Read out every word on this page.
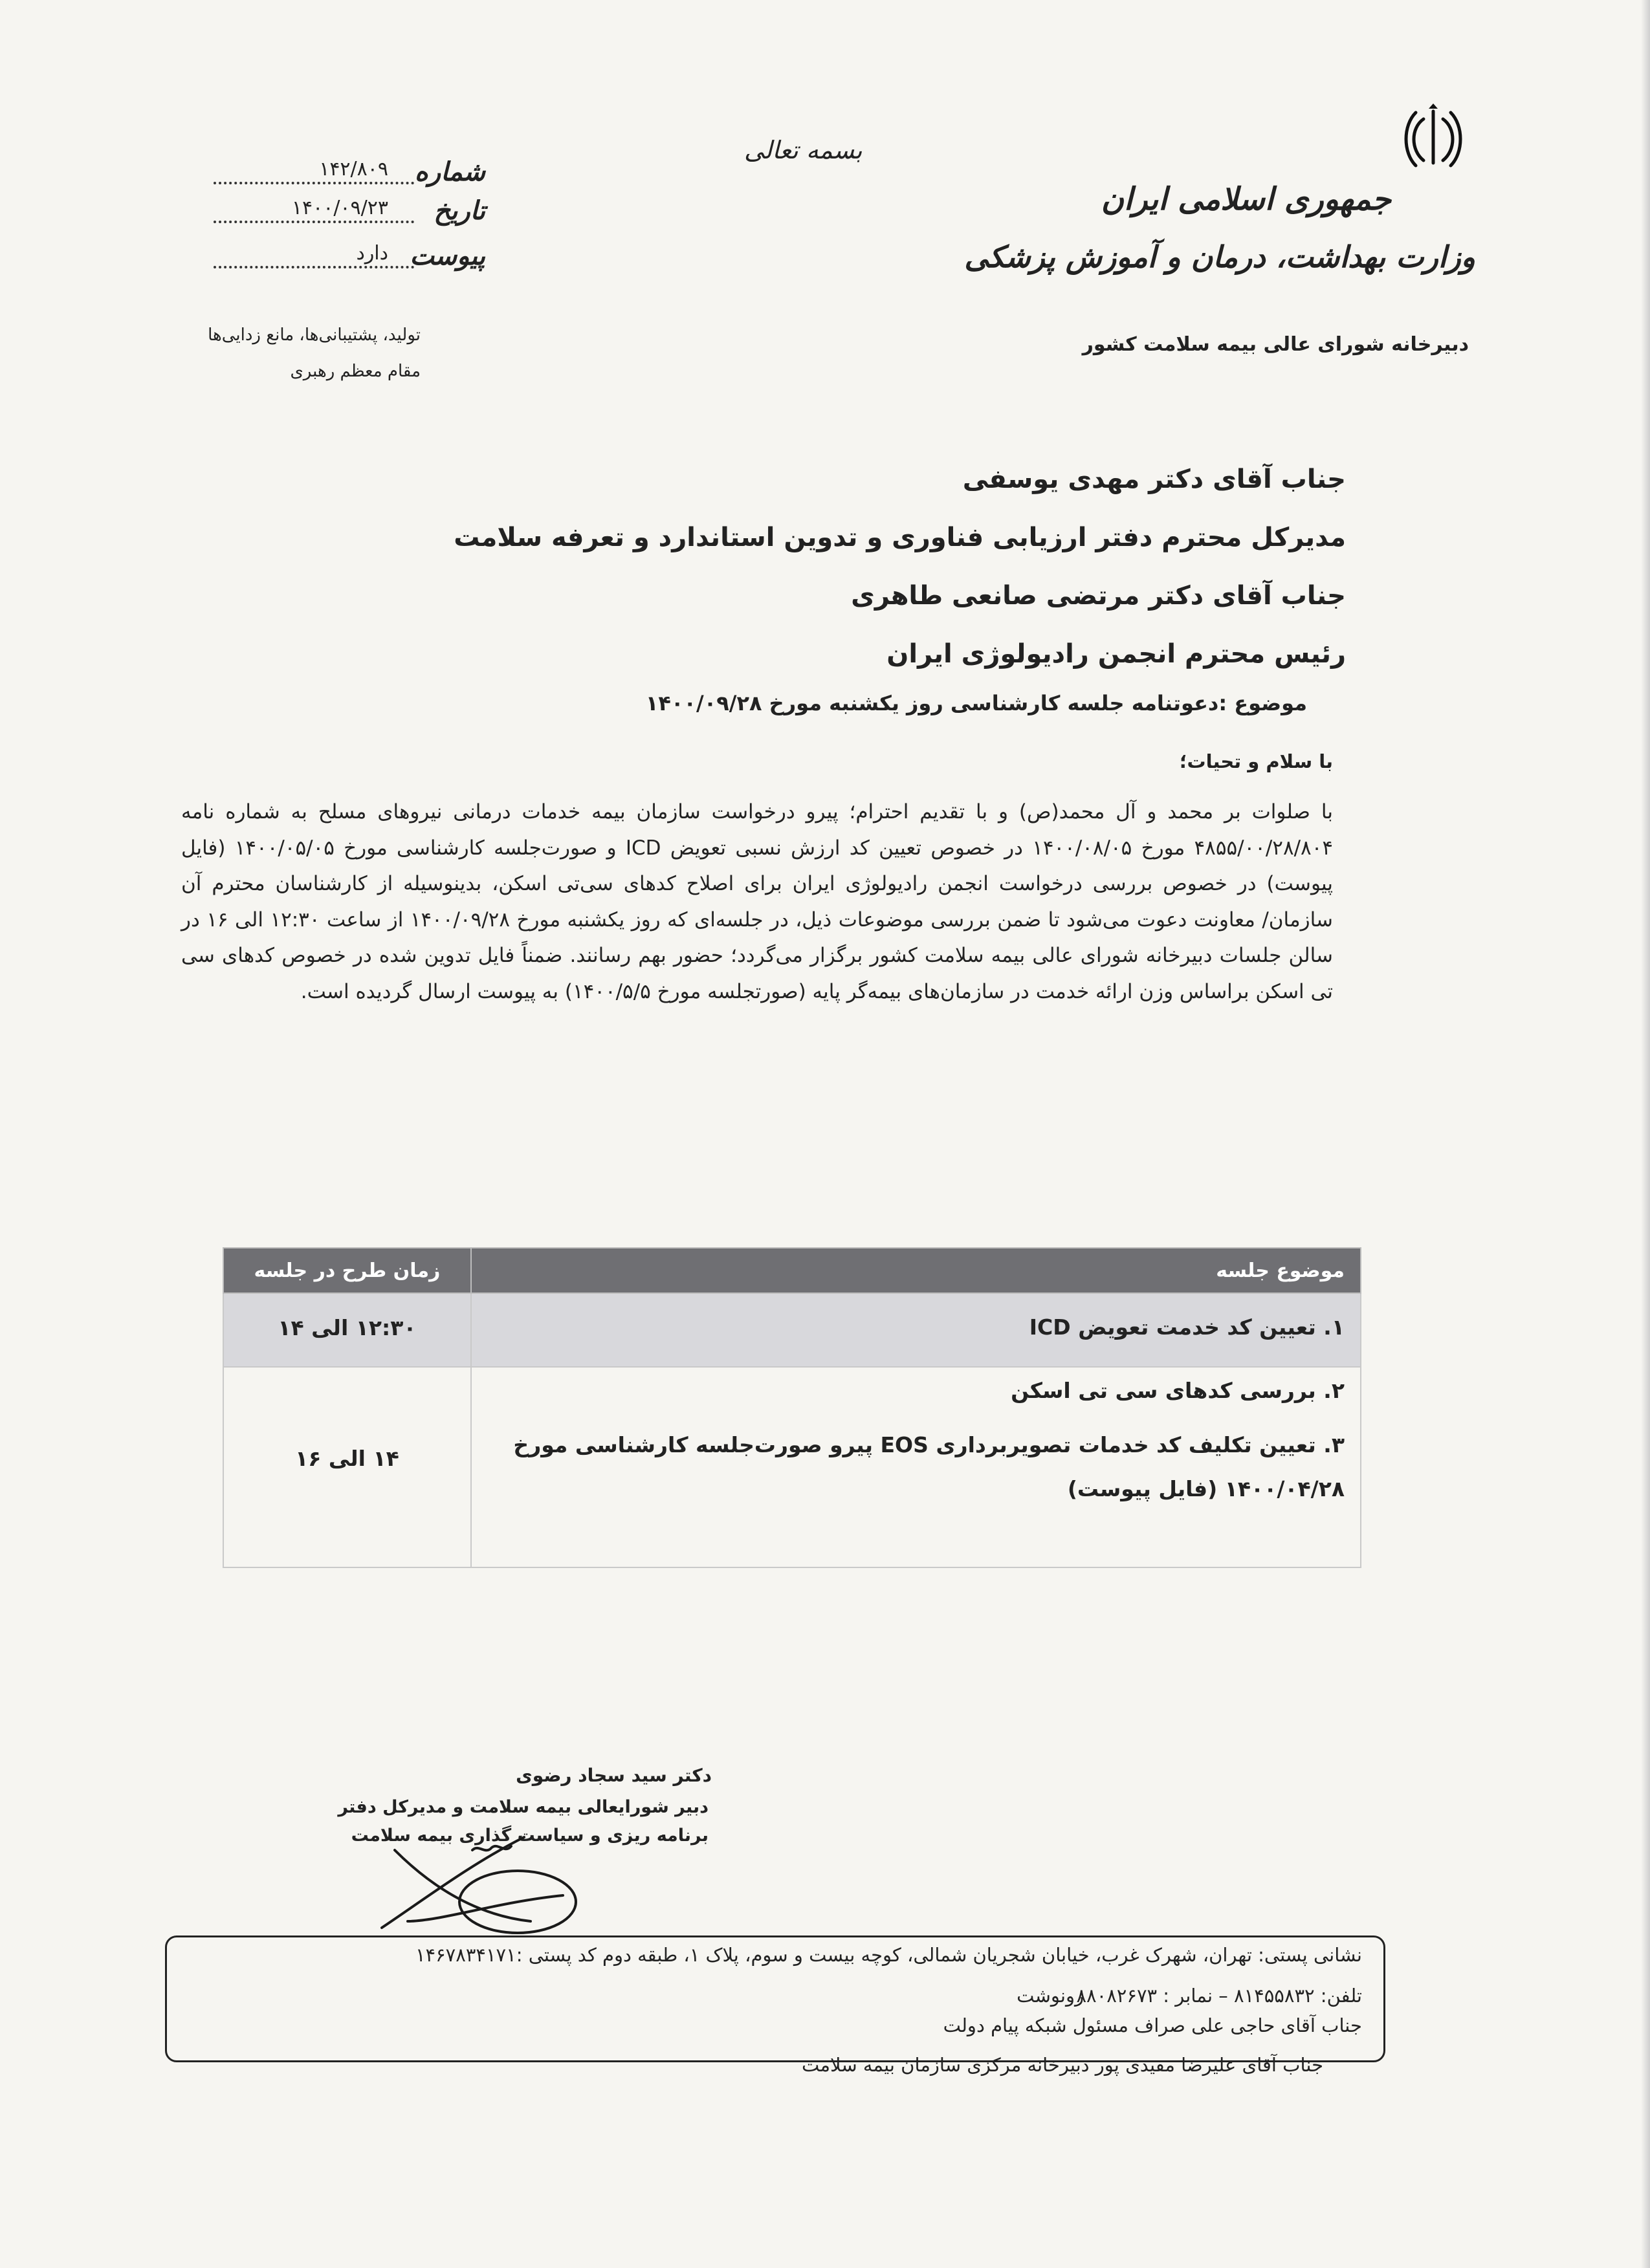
جمهوری اسلامی ایران
وزارت بهداشت، درمان و آموزش پزشکی
دبیرخانه شورای عالی بیمه سلامت کشور
بسمه تعالی
شماره
۱۴۲/۸۰۹
تاریخ
۱۴۰۰/۰۹/۲۳
پیوست
دارد
تولید، پشتیبانی‌ها، مانع زدایی‌ها
مقام معظم رهبری
جناب آقای دکتر مهدی یوسفی
مدیرکل محترم دفتر ارزیابی فناوری و تدوین استاندارد و تعرفه سلامت
جناب آقای دکتر مرتضی صانعی طاهری
رئیس محترم انجمن رادیولوژی ایران
موضوع :دعوتنامه جلسه کارشناسی روز یکشنبه مورخ ۱۴۰۰/۰۹/۲۸
با سلام و تحیات؛
با صلوات بر محمد و آل محمد(ص) و با تقدیم احترام؛ پیرو درخواست سازمان بیمه خدمات درمانی نیروهای مسلح به شماره نامه ۴۸۵۵/۰۰/۲۸/۸۰۴ مورخ ۱۴۰۰/۰۸/۰۵ در خصوص تعیین کد ارزش نسبی تعویض ICD و صورت‌جلسه کارشناسی مورخ ۱۴۰۰/۰۵/۰۵ (فایل پیوست) در خصوص بررسی درخواست انجمن رادیولوژی ایران برای اصلاح کدهای سی‌تی اسکن، بدینوسیله از کارشناسان محترم آن سازمان/ معاونت دعوت می‌شود تا ضمن بررسی موضوعات ذیل، در جلسه‌ای که روز یکشنبه مورخ ۱۴۰۰/۰۹/۲۸ از ساعت ۱۲:۳۰ الی ۱۶ در سالن جلسات دبیرخانه شورای عالی بیمه سلامت کشور برگزار می‌گردد؛ حضور بهم رسانند. ضمناً فایل تدوین شده در خصوص کدهای سی تی اسکن براساس وزن ارائه خدمت در سازمان‌های بیمه‌گر پایه (صورتجلسه مورخ ۱۴۰۰/۵/۵) به پیوست ارسال گردیده است.
موضوع جلسه	زمان طرح در جلسه

۱. تعیین کد خدمت تعویض ICD	۱۲:۳۰ الی ۱۴

۲. بررسی کدهای سی تی اسکن
۳. تعیین تکلیف کد خدمات تصویربرداری EOS پیرو صورت‌جلسه کارشناسی مورخ ۱۴۰۰/۰۴/۲۸ (فایل پیوست)	۱۴ الی ۱۶
دکتر سید سجاد رضوی
دبیر شورایعالی بیمه سلامت و مدیرکل دفتر
برنامه ریزی و سیاست گذاری بیمه سلامت
نشانی پستی: تهران، شهرک غرب، خیابان شجریان شمالی، کوچه بیست و سوم، پلاک ۱، طبقه دوم کد پستی :۱۴۶۷۸۳۴۱۷۱
تلفن: ۸۱۴۵۵۸۳۲ – نمابر : ۸۸۰۸۲۶۷۳
رونوشت
جناب آقای حاجی علی صراف مسئول شبکه پیام دولت
جناب آقای علیرضا مفیدی پور دبیرخانه مرکزی سازمان بیمه سلامت
